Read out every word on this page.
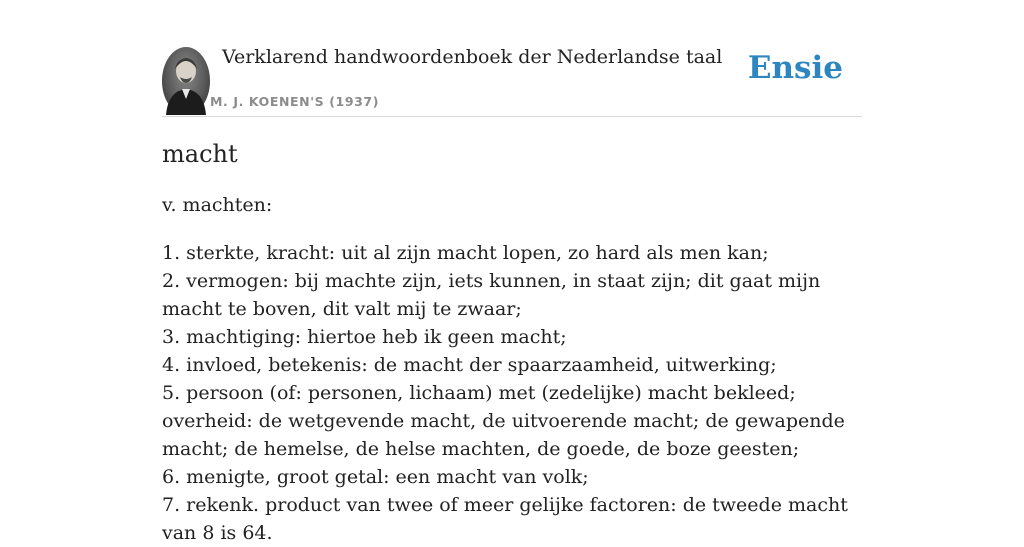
Verklarend handwoordenboek der Nederlandse taal
M. J. KOENEN'S (1937)
Ensie
macht
v. machten:
1. sterkte, kracht: uit al zijn macht lopen, zo hard als men kan;
2. vermogen: bij machte zijn, iets kunnen, in staat zijn; dit gaat mijn macht te boven, dit valt mij te zwaar;
3. machtiging: hiertoe heb ik geen macht;
4. invloed, betekenis: de macht der spaarzaamheid, uitwerking;
5. persoon (of: personen, lichaam) met (zedelijke) macht bekleed; overheid: de wetgevende macht, de uitvoerende macht; de gewapende macht; de hemelse, de helse machten, de goede, de boze geesten;
6. menigte, groot getal: een macht van volk;
7. rekenk. product van twee of meer gelijke factoren: de tweede macht van 8 is 64.
